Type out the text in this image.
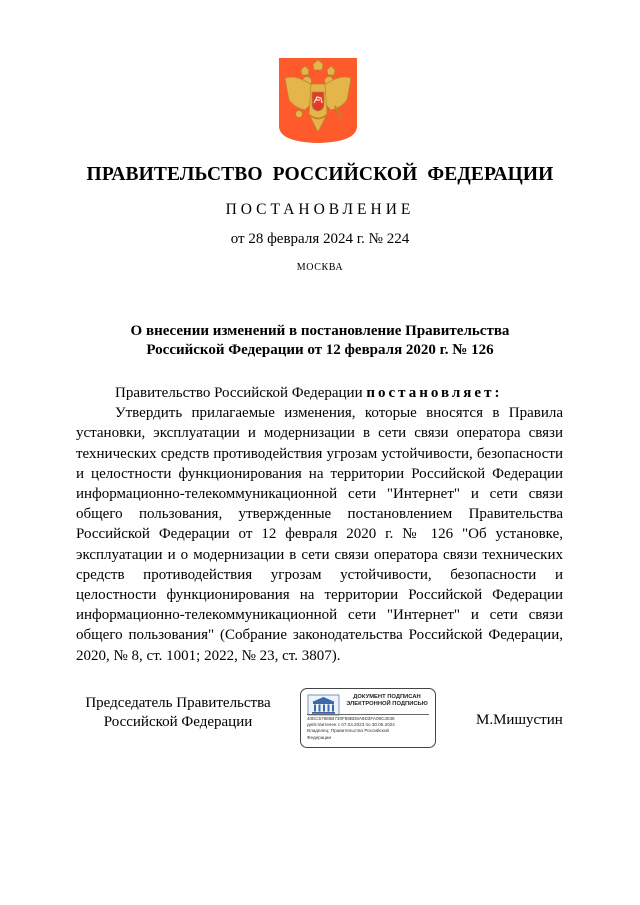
ПРАВИТЕЛЬСТВО РОССИЙСКОЙ ФЕДЕРАЦИИ
ПОСТАНОВЛЕНИЕ
от 28 февраля 2024 г. № 224
МОСКВА
О внесении изменений в постановление Правительства
Российской Федерации от 12 февраля 2020 г. № 126
Правительство Российской Федерации постановляет:

Утвердить прилагаемые изменения, которые вносятся в Правила установки, эксплуатации и модернизации в сети связи оператора связи технических средств противодействия угрозам устойчивости, безопасности и целостности функционирования на территории Российской Федерации информационно-телекоммуникационной сети "Интернет" и сети связи общего пользования, утвержденные постановлением Правительства Российской Федерации от 12 февраля 2020 г. № 126 "Об установке, эксплуатации и о модернизации в сети связи оператора связи технических средств противодействия угрозам устойчивости, безопасности и целостности функционирования на территории Российской Федерации информационно-телекоммуникационной сети "Интернет" и сети связи общего пользования" (Собрание законодательства Российской Федерации, 2020, № 8, ст. 1001; 2022, № 23, ст. 3807).

Председатель Правительства
Российской Федерации
ДОКУМЕНТ ПОДПИСАН
ЭЛЕКТРОННОЙ ПОДПИСЬЮ
40EC57886B730F88BD8A6D3FA09C3038
действителен с 07.03.2023 по 30.05.2024
Владелец: Правительство Российской
Федерации
М.Мишустин
